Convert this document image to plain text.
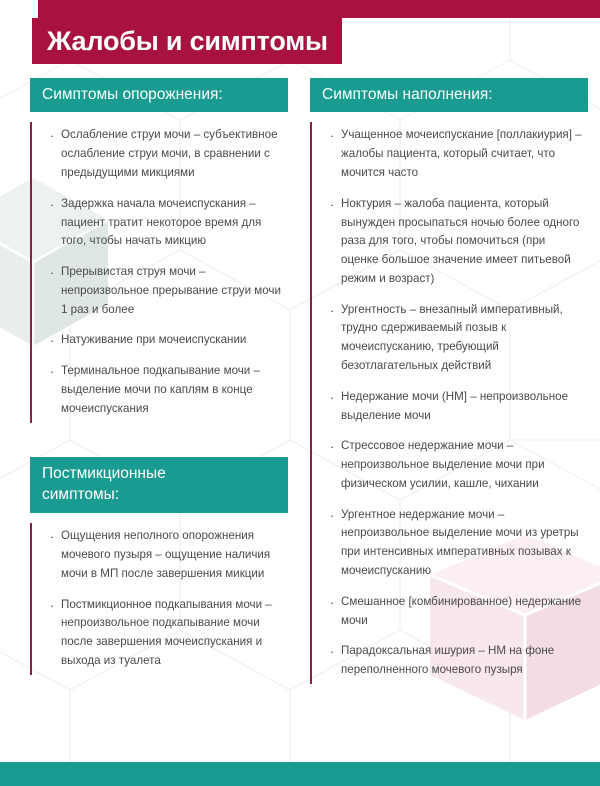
Жалобы и симптомы
Симптомы опорожнения:
· Ослабление струи мочи – субъективное ослабление струи мочи, в сравнении с предыдущими микциями
· Задержка начала мочеиспускания – пациент тратит некоторое время для того, чтобы начать микцию
· Прерывистая струя мочи – непроизвольное прерывание струи мочи 1 раз и более
· Натуживание при мочеиспускании
· Терминальное подкапывание мочи – выделение мочи по каплям в конце мочеиспускания
Постмикционные
симптомы:
· Ощущения неполного опорожнения мочевого пузыря – ощущение наличия мочи в МП после завершения микции
· Постмикционное подкапывания мочи – непроизвольное подкапывание мочи после завершения мочеиспускания и выхода из туалета
Симптомы наполнения:
· Учащенное мочеиспускание [поллакиурия] – жалобы пациента, который считает, что мочится часто
· Ноктурия – жалоба пациента, который вынужден просыпаться ночью более одного раза для того, чтобы помочиться (при оценке большое значение имеет питьевой режим и возраст)
· Ургентность – внезапный императивный, трудно сдерживаемый позыв к мочеиспусканию, требующий безотлагательных действий
· Недержание мочи (НМ] – непроизвольное выделение мочи
· Стрессовое недержание мочи – непроизвольное выделение мочи при физическом усилии, кашле, чихании
· Ургентное недержание мочи – непроизвольное выделение мочи из уретры при интенсивных императивных позывах к мочеиспусканию
· Смешанное [комбинированное) недержание мочи
· Парадоксальная ишурия – НМ на фоне переполненного мочевого пузыря
